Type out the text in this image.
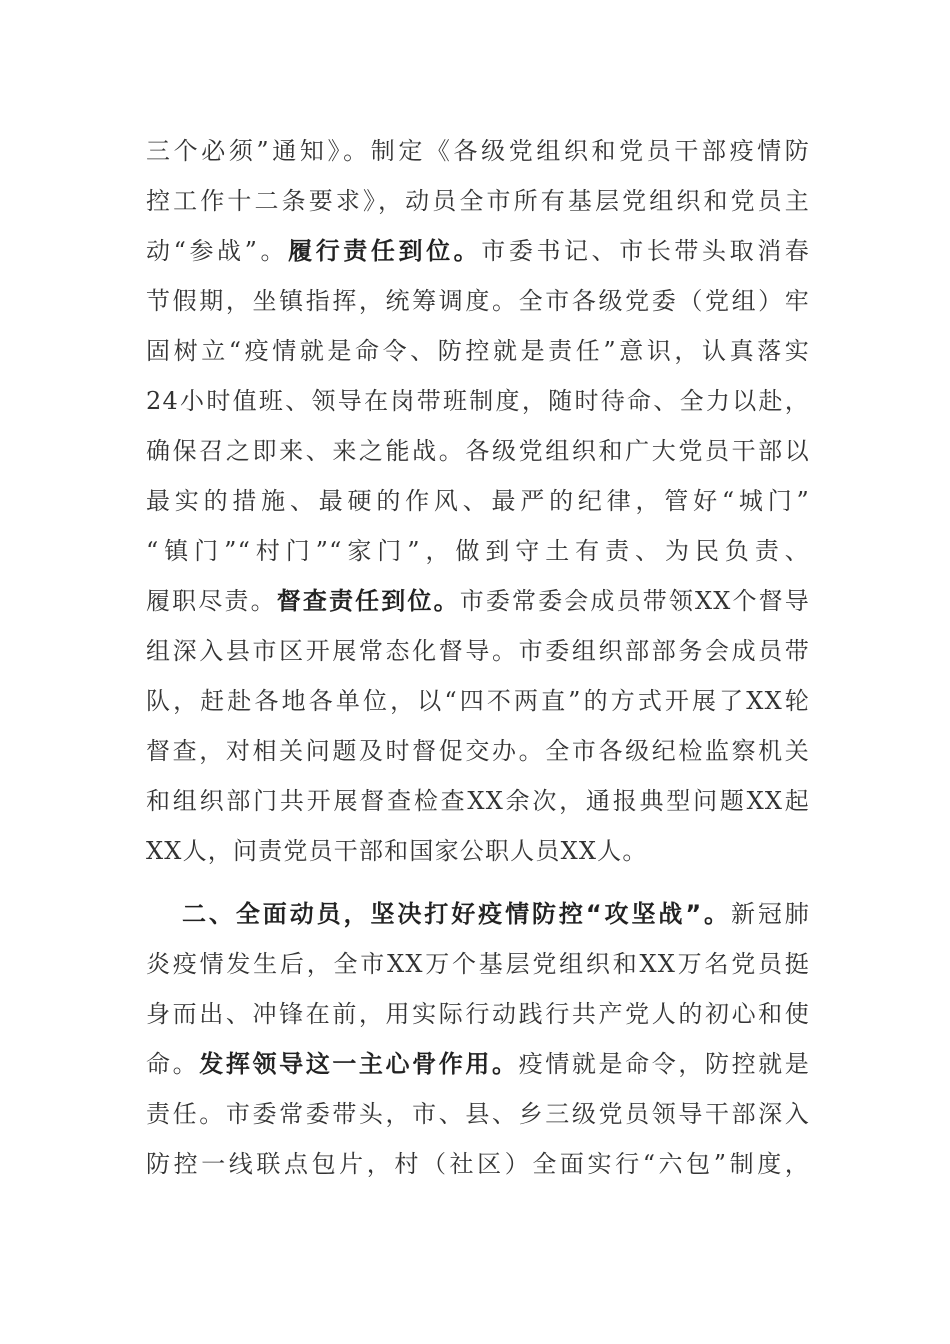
三个必须”通知》。制定《各级党组织和党员干部疫情防
控工作十二条要求》，动员全市所有基层党组织和党员主
动“参战”。履行责任到位。市委书记、市长带头取消春
节假期，坐镇指挥，统筹调度。全市各级党委（党组）牢
固树立“疫情就是命令、防控就是责任”意识，认真落实
24小时值班、领导在岗带班制度，随时待命、全力以赴，
确保召之即来、来之能战。各级党组织和广大党员干部以
最实的措施、最硬的作风、最严的纪律，管好“城门”
“镇门”“村门”“家门”，做到守土有责、为民负责、
履职尽责。督查责任到位。市委常委会成员带领XX个督导
组深入县市区开展常态化督导。市委组织部部务会成员带
队，赶赴各地各单位，以“四不两直”的方式开展了XX轮
督查，对相关问题及时督促交办。全市各级纪检监察机关
和组织部门共开展督查检查XX余次，通报典型问题XX起
XX人，问责党员干部和国家公职人员XX人。
二、全面动员，坚决打好疫情防控“攻坚战”。新冠肺
炎疫情发生后，全市XX万个基层党组织和XX万名党员挺
身而出、冲锋在前，用实际行动践行共产党人的初心和使
命。发挥领导这一主心骨作用。疫情就是命令，防控就是
责任。市委常委带头，市、县、乡三级党员领导干部深入
防控一线联点包片，村（社区）全面实行“六包”制度，
